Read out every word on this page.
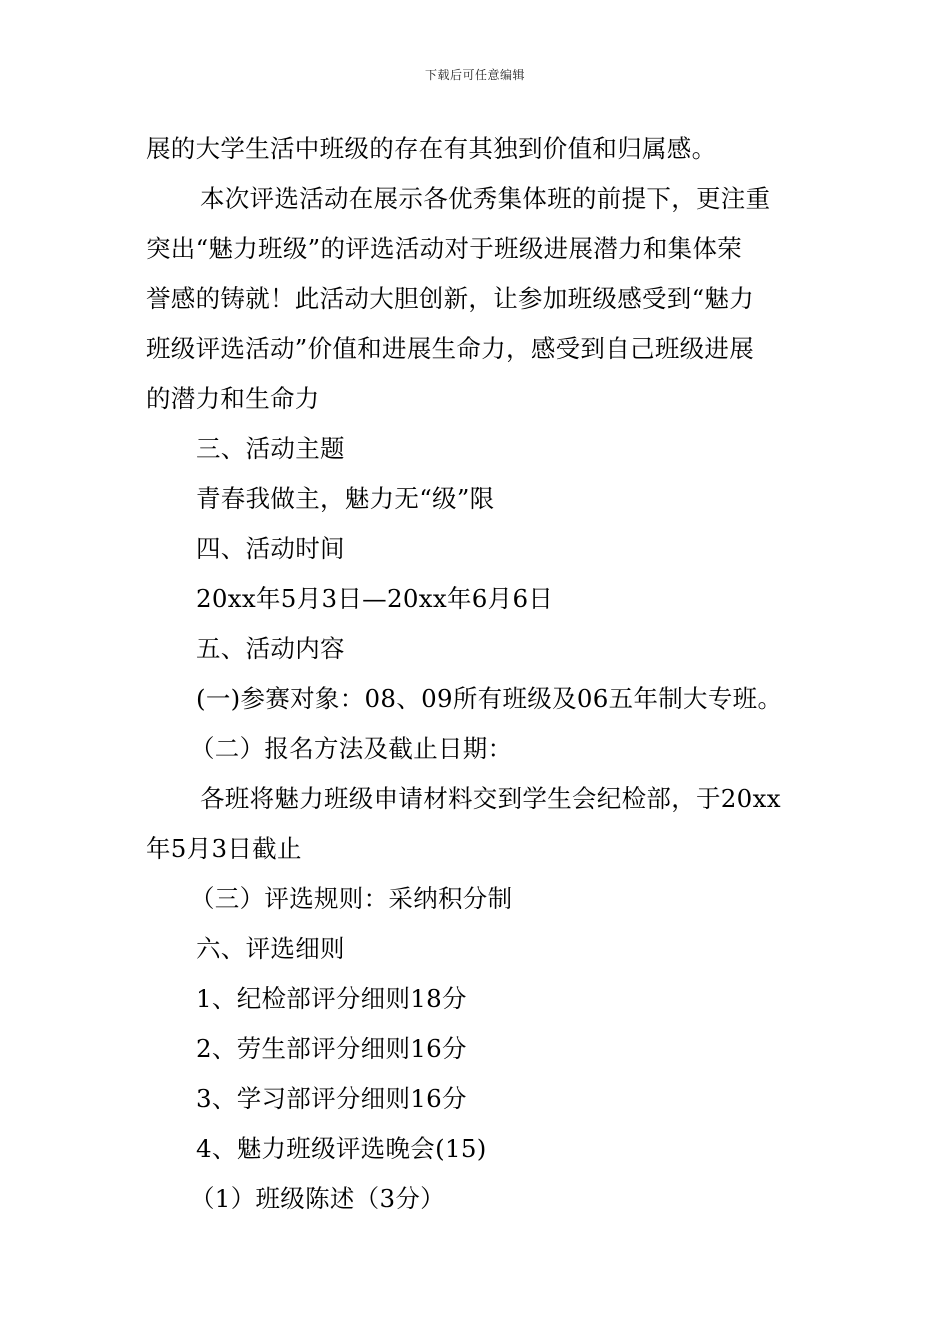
下载后可任意编辑
展的大学生活中班级的存在有其独到价值和归属感。
本次评选活动在展示各优秀集体班的前提下，更注重
突出“魅力班级”的评选活动对于班级进展潜力和集体荣
誉感的铸就！此活动大胆创新，让参加班级感受到“魅力
班级评选活动”价值和进展生命力，感受到自己班级进展
的潜力和生命力
三、活动主题
青春我做主，魅力无“级”限
四、活动时间
20xx年5月3日—20xx年6月6日
五、活动内容
(一)参赛对象：08、09所有班级及06五年制大专班。
（二）报名方法及截止日期：
各班将魅力班级申请材料交到学生会纪检部，于20xx
年5月3日截止
（三）评选规则：采纳积分制
六、评选细则
1、纪检部评分细则18分
2、劳生部评分细则16分
3、学习部评分细则16分
4、魅力班级评选晚会(15)
（1）班级陈述（3分）
